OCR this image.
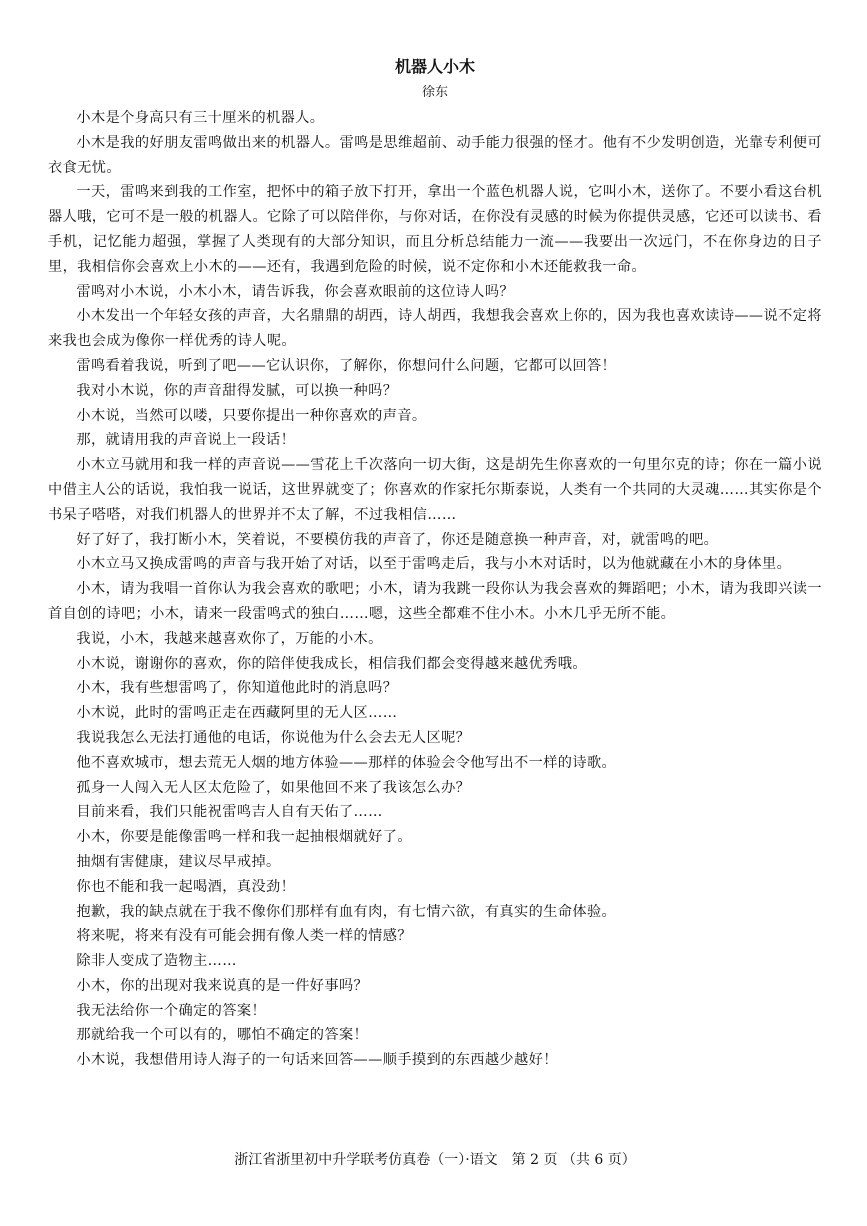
机器人小木

徐东

小木是个身高只有三十厘米的机器人。

小木是我的好朋友雷鸣做出来的机器人。雷鸣是思维超前、动手能力很强的怪才。他有不少发明创造，光靠专利便可衣食无忧。

一天，雷鸣来到我的工作室，把怀中的箱子放下打开，拿出一个蓝色机器人说，它叫小木，送你了。不要小看这台机器人哦，它可不是一般的机器人。它除了可以陪伴你，与你对话，在你没有灵感的时候为你提供灵感，它还可以读书、看手机，记忆能力超强，掌握了人类现有的大部分知识，而且分析总结能力一流——我要出一次远门，不在你身边的日子里，我相信你会喜欢上小木的——还有，我遇到危险的时候，说不定你和小木还能救我一命。

雷鸣对小木说，小木小木，请告诉我，你会喜欢眼前的这位诗人吗？

小木发出一个年轻女孩的声音，大名鼎鼎的胡西，诗人胡西，我想我会喜欢上你的，因为我也喜欢读诗——说不定将来我也会成为像你一样优秀的诗人呢。

雷鸣看着我说，听到了吧——它认识你，了解你，你想问什么问题，它都可以回答！

我对小木说，你的声音甜得发腻，可以换一种吗？

小木说，当然可以喽，只要你提出一种你喜欢的声音。

那，就请用我的声音说上一段话！

小木立马就用和我一样的声音说——雪花上千次落向一切大街，这是胡先生你喜欢的一句里尔克的诗；你在一篇小说中借主人公的话说，我怕我一说话，这世界就变了；你喜欢的作家托尔斯泰说，人类有一个共同的大灵魂……其实你是个书呆子嗒嗒，对我们机器人的世界并不太了解，不过我相信……

好了好了，我打断小木，笑着说，不要模仿我的声音了，你还是随意换一种声音，对，就雷鸣的吧。

小木立马又换成雷鸣的声音与我开始了对话，以至于雷鸣走后，我与小木对话时，以为他就藏在小木的身体里。

小木，请为我唱一首你认为我会喜欢的歌吧；小木，请为我跳一段你认为我会喜欢的舞蹈吧；小木，请为我即兴读一首自创的诗吧；小木，请来一段雷鸣式的独白……嗯，这些全都难不住小木。小木几乎无所不能。

我说，小木，我越来越喜欢你了，万能的小木。

小木说，谢谢你的喜欢，你的陪伴使我成长，相信我们都会变得越来越优秀哦。

小木，我有些想雷鸣了，你知道他此时的消息吗？

小木说，此时的雷鸣正走在西藏阿里的无人区……

我说我怎么无法打通他的电话，你说他为什么会去无人区呢？

他不喜欢城市，想去荒无人烟的地方体验——那样的体验会令他写出不一样的诗歌。

孤身一人闯入无人区太危险了，如果他回不来了我该怎么办？

目前来看，我们只能祝雷鸣吉人自有天佑了……

小木，你要是能像雷鸣一样和我一起抽根烟就好了。

抽烟有害健康，建议尽早戒掉。

你也不能和我一起喝酒，真没劲！

抱歉，我的缺点就在于我不像你们那样有血有肉，有七情六欲，有真实的生命体验。

将来呢，将来有没有可能会拥有像人类一样的情感？

除非人变成了造物主……

小木，你的出现对我来说真的是一件好事吗？

我无法给你一个确定的答案！

那就给我一个可以有的，哪怕不确定的答案！

小木说，我想借用诗人海子的一句话来回答——顺手摸到的东西越少越好！

浙江省浙里初中升学联考仿真卷（一）·语文　第 2 页 （共 6 页）
